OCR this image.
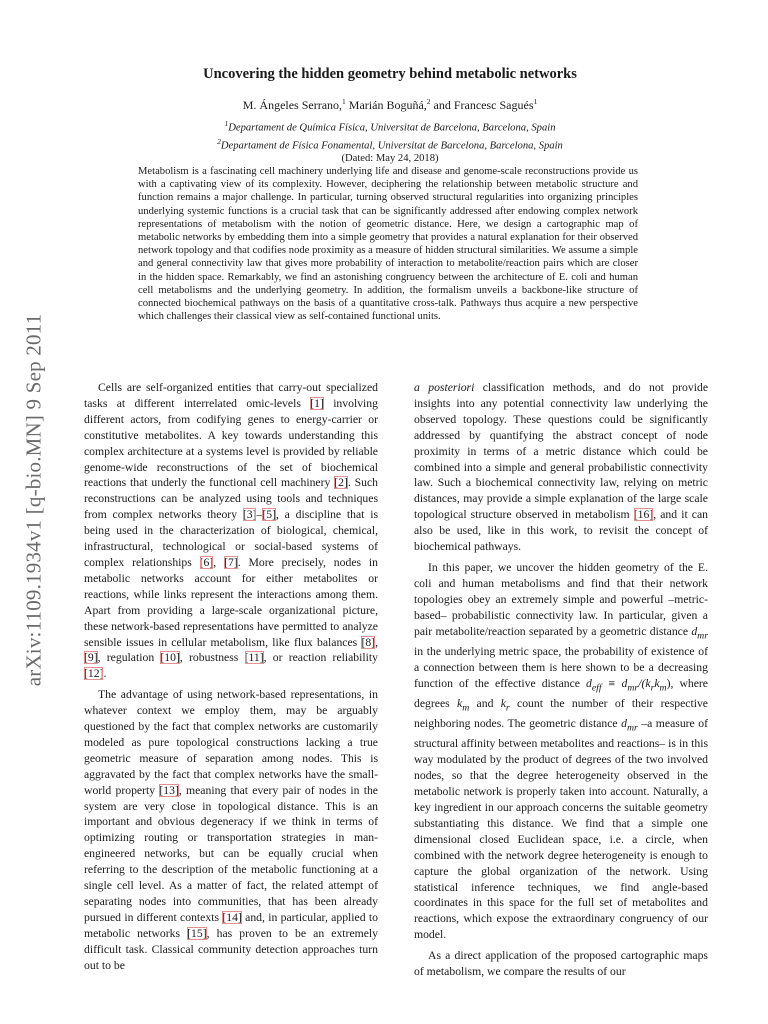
arXiv:1109.1934v1 [q-bio.MN] 9 Sep 2011
Uncovering the hidden geometry behind metabolic networks
M. Ángeles Serrano,$^1$ Marián Boguñá,$^2$ and Francesc Sagués$^1$
$^1$Departament de Química Física, Universitat de Barcelona, Barcelona, Spain
$^2$Departament de Física Fonamental, Universitat de Barcelona, Barcelona, Spain
(Dated: May 24, 2018)
Metabolism is a fascinating cell machinery underlying life and disease and genome-scale reconstructions provide us with a captivating view of its complexity. However, deciphering the relationship between metabolic structure and function remains a major challenge. In particular, turning observed structural regularities into organizing principles underlying systemic functions is a crucial task that can be significantly addressed after endowing complex network representations of metabolism with the notion of geometric distance. Here, we design a cartographic map of metabolic networks by embedding them into a simple geometry that provides a natural explanation for their observed network topology and that codifies node proximity as a measure of hidden structural similarities. We assume a simple and general connectivity law that gives more probability of interaction to metabolite/reaction pairs which are closer in the hidden space. Remarkably, we find an astonishing congruency between the architecture of E. coli and human cell metabolisms and the underlying geometry. In addition, the formalism unveils a backbone-like structure of connected biochemical pathways on the basis of a quantitative cross-talk. Pathways thus acquire a new perspective which challenges their classical view as self-contained functional units.

Cells are self-organized entities that carry-out specialized tasks at different interrelated omic-levels [1] involving different actors, from codifying genes to energy-carrier or constitutive metabolites. A key towards understanding this complex architecture at a systems level is provided by reliable genome-wide reconstructions of the set of biochemical reactions that underly the functional cell machinery [2]. Such reconstructions can be analyzed using tools and techniques from complex networks theory [3]–[5], a discipline that is being used in the characterization of biological, chemical, infrastructural, technological or social-based systems of complex relationships [6], [7]. More precisely, nodes in metabolic networks account for either metabolites or reactions, while links represent the interactions among them. Apart from providing a large-scale organizational picture, these network-based representations have permitted to analyze sensible issues in cellular metabolism, like flux balances [8], [9], regulation [10], robustness [11], or reaction reliability [12].

The advantage of using network-based representations, in whatever context we employ them, may be arguably questioned by the fact that complex networks are customarily modeled as pure topological constructions lacking a true geometric measure of separation among nodes. This is aggravated by the fact that complex networks have the small-world property [13], meaning that every pair of nodes in the system are very close in topological distance. This is an important and obvious degeneracy if we think in terms of optimizing routing or transportation strategies in man-engineered networks, but can be equally crucial when referring to the description of the metabolic functioning at a single cell level. As a matter of fact, the related attempt of separating nodes into communities, that has been already pursued in different contexts [14] and, in particular, applied to metabolic networks [15], has proven to be an extremely difficult task. Classical community detection approaches turn out to be

a posteriori classification methods, and do not provide insights into any potential connectivity law underlying the observed topology. These questions could be significantly addressed by quantifying the abstract concept of node proximity in terms of a metric distance which could be combined into a simple and general probabilistic connectivity law. Such a biochemical connectivity law, relying on metric distances, may provide a simple explanation of the large scale topological structure observed in metabolism [16], and it can also be used, like in this work, to revisit the concept of biochemical pathways.

In this paper, we uncover the hidden geometry of the E. coli and human metabolisms and find that their network topologies obey an extremely simple and powerful –metric-based– probabilistic connectivity law. In particular, given a pair metabolite/reaction separated by a geometric distance $d_{mr}$ in the underlying metric space, the probability of existence of a connection between them is here shown to be a decreasing function of the effective distance $d_{eff} \equiv d_{mr}/(k_rk_m)$, where degrees $k_m$ and $k_r$ count the number of their respective neighboring nodes. The geometric distance $d_{mr}$ –a measure of structural affinity between metabolites and reactions– is in this way modulated by the product of degrees of the two involved nodes, so that the degree heterogeneity observed in the metabolic network is properly taken into account. Naturally, a key ingredient in our approach concerns the suitable geometry substantiating this distance. We find that a simple one dimensional closed Euclidean space, i.e. a circle, when combined with the network degree heterogeneity is enough to capture the global organization of the network. Using statistical inference techniques, we find angle-based coordinates in this space for the full set of metabolites and reactions, which expose the extraordinary congruency of our model.

As a direct application of the proposed cartographic maps of metabolism, we compare the results of our
